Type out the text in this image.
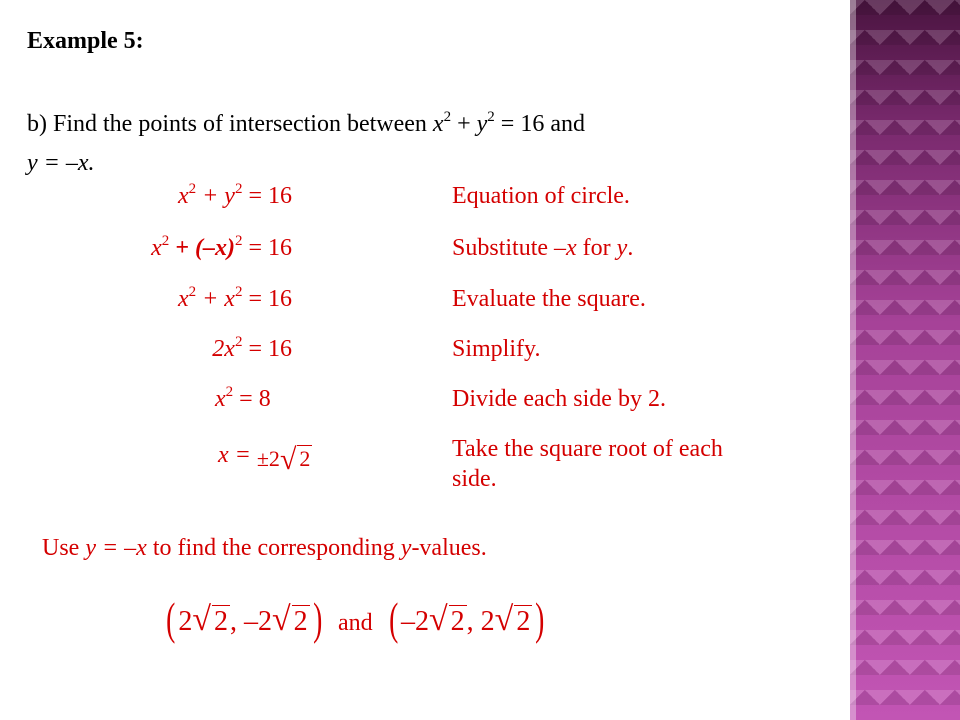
Example 5:
b) Find the points of intersection between $x^2 + y^2 = 16$ and
y = –x.
$x^2 + y^2 = 16$	Equation of circle.
$x^2 + (-x)^2 = 16$	Substitute –x for y.
$x^2 + x^2 = 16$	Evaluate the square.
$2x^2 = 16$	Simplify.
$x^2 = 8$	Divide each side by 2.
x = ±2√ 2	Take the square root of each
side.
Use y = –x to find the corresponding y-values.
( 2√ 2, –2√ 2 ) and ( –2√ 2, 2√ 2 )
